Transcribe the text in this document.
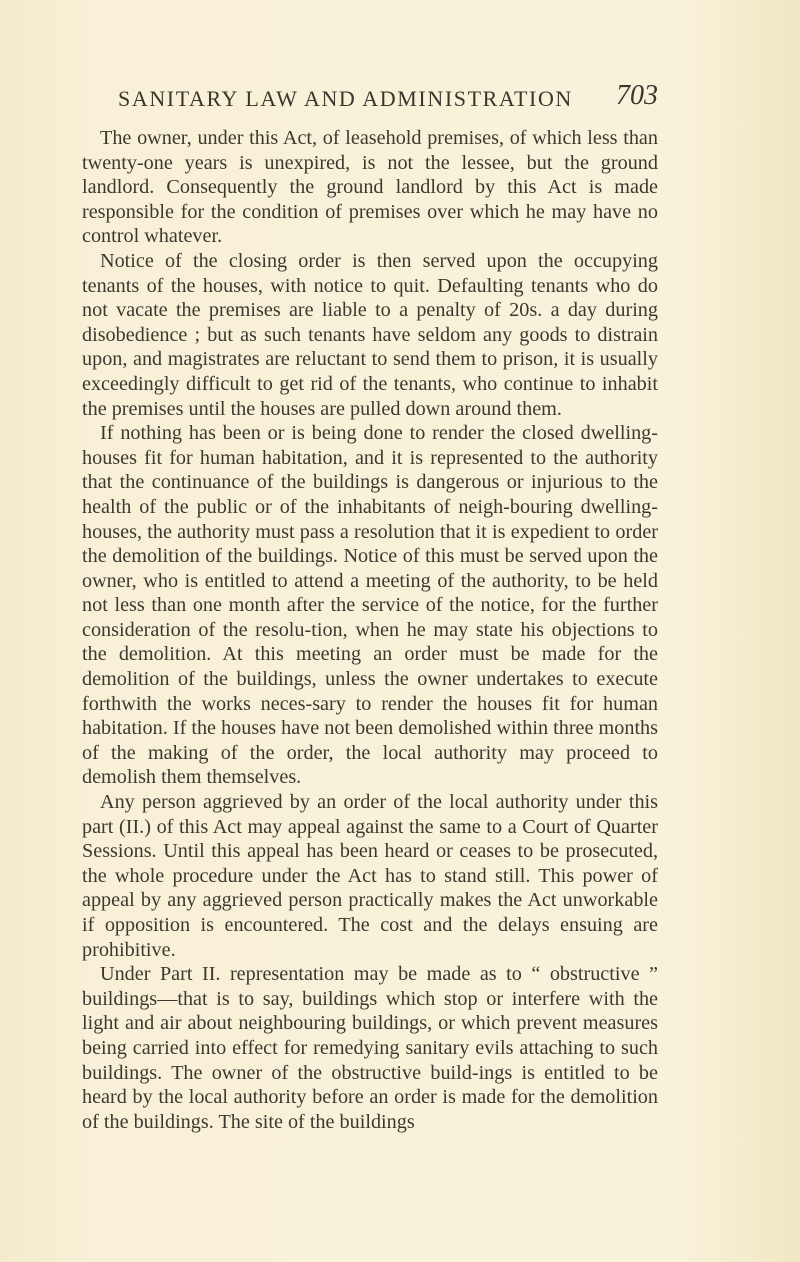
SANITARY LAW AND ADMINISTRATION 703

The owner, under this Act, of leasehold premises, of which less than twenty-one years is unexpired, is not the lessee, but the ground landlord. Consequently the ground landlord by this Act is made responsible for the condition of premises over which he may have no control whatever.

Notice of the closing order is then served upon the occupying tenants of the houses, with notice to quit. Defaulting tenants who do not vacate the premises are liable to a penalty of 20s. a day during disobedience ; but as such tenants have seldom any goods to distrain upon, and magistrates are reluctant to send them to prison, it is usually exceedingly difficult to get rid of the tenants, who continue to inhabit the premises until the houses are pulled down around them.

If nothing has been or is being done to render the closed dwelling-houses fit for human habitation, and it is represented to the authority that the continuance of the buildings is dangerous or injurious to the health of the public or of the inhabitants of neigh-bouring dwelling-houses, the authority must pass a resolution that it is expedient to order the demolition of the buildings. Notice of this must be served upon the owner, who is entitled to attend a meeting of the authority, to be held not less than one month after the service of the notice, for the further consideration of the resolu-tion, when he may state his objections to the demolition. At this meeting an order must be made for the demolition of the buildings, unless the owner undertakes to execute forthwith the works neces-sary to render the houses fit for human habitation. If the houses have not been demolished within three months of the making of the order, the local authority may proceed to demolish them themselves.

Any person aggrieved by an order of the local authority under this part (II.) of this Act may appeal against the same to a Court of Quarter Sessions. Until this appeal has been heard or ceases to be prosecuted, the whole procedure under the Act has to stand still. This power of appeal by any aggrieved person practically makes the Act unworkable if opposition is encountered. The cost and the delays ensuing are prohibitive.

Under Part II. representation may be made as to “ obstructive ” buildings—that is to say, buildings which stop or interfere with the light and air about neighbouring buildings, or which prevent measures being carried into effect for remedying sanitary evils attaching to such buildings. The owner of the obstructive build-ings is entitled to be heard by the local authority before an order is made for the demolition of the buildings. The site of the buildings
